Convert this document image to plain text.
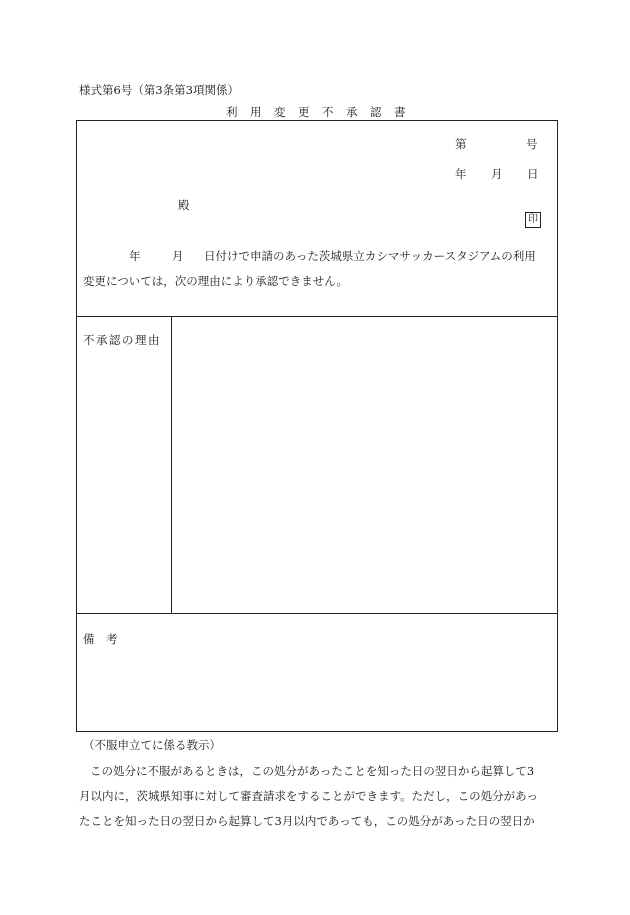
様式第6号（第3条第3項関係）
利　用　変　更　不　承　認　書
第	号
年 月 日
殿
印
年	月 日付けで申請のあった茨城県立カシマサッカースタジアムの利用
変更については，次の理由により承認できません。
不承認の理由
備　考
（不服申立てに係る教示）
この処分に不服があるときは，この処分があったことを知った日の翌日から起算して3
月以内に，茨城県知事に対して審査請求をすることができます。ただし，この処分があっ
たことを知った日の翌日から起算して3月以内であっても，この処分があった日の翌日か
